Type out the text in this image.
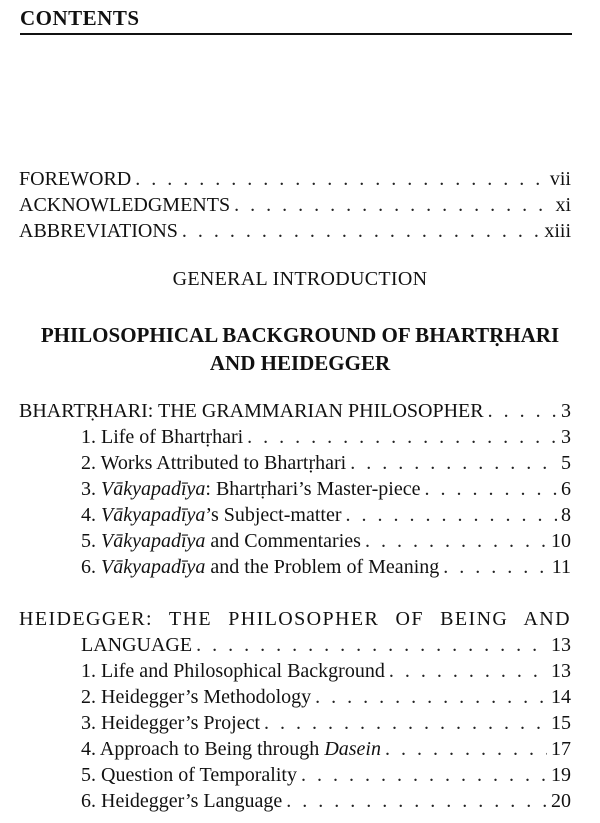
CONTENTS
FOREWORD . . .	vii
ACKNOWLEDGMENTS . . .	xi
ABBREVIATIONS . . .	xiii
GENERAL INTRODUCTION
PHILOSOPHICAL BACKGROUND OF BHARTṚHARI
AND HEIDEGGER
BHARTṚHARI: THE GRAMMARIAN PHILOSOPHER . . .	3
1. Life of Bhartṛhari . . .	3
2. Works Attributed to Bhartṛhari . . .	5
3. Vākyapadīya: Bhartṛhari’s Master-piece . . .	6
4. Vākyapadīya’s Subject-matter . . .	8
5. Vākyapadīya and Commentaries . . .	10
6. Vākyapadīya and the Problem of Meaning . . .	11
HEIDEGGER: THE PHILOSOPHER OF BEING AND
LANGUAGE . . .	13
1. Life and Philosophical Background . . .	13
2. Heidegger’s Methodology . . .	14
3. Heidegger’s Project . . .	15
4. Approach to Being through Dasein . . .	17
5. Question of Temporality . . .	19
6. Heidegger’s Language . . .	20
